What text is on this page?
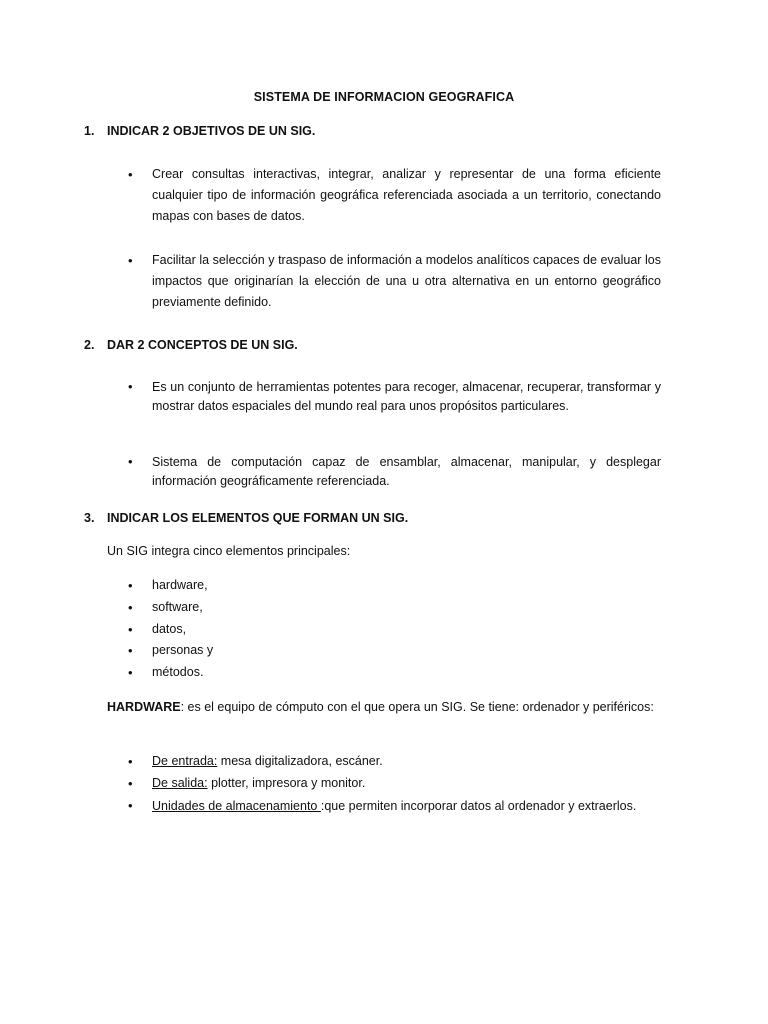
SISTEMA DE INFORMACION GEOGRAFICA
1. INDICAR 2 OBJETIVOS DE UN SIG.
• Crear consultas interactivas, integrar, analizar y representar de una forma eficiente cualquier tipo de información geográfica referenciada asociada a un territorio, conectando mapas con bases de datos.
• Facilitar la selección y traspaso de información a modelos analíticos capaces de evaluar los impactos que originarían la elección de una u otra alternativa en un entorno geográfico previamente definido.
2. DAR 2 CONCEPTOS DE UN SIG.
• Es un conjunto de herramientas potentes para recoger, almacenar, recuperar, transformar y mostrar datos espaciales del mundo real para unos propósitos particulares.
• Sistema de computación capaz de ensamblar, almacenar, manipular, y desplegar información geográficamente referenciada.
3. INDICAR LOS ELEMENTOS QUE FORMAN UN SIG.
Un SIG integra cinco elementos principales:
• hardware,
• software,
• datos,
• personas y
• métodos.
HARDWARE: es el equipo de cómputo con el que opera un SIG. Se tiene: ordenador y periféricos:
• De entrada: mesa digitalizadora, escáner.
• De salida: plotter, impresora y monitor.
• Unidades de almacenamiento :que permiten incorporar datos al ordenador y extraerlos.
